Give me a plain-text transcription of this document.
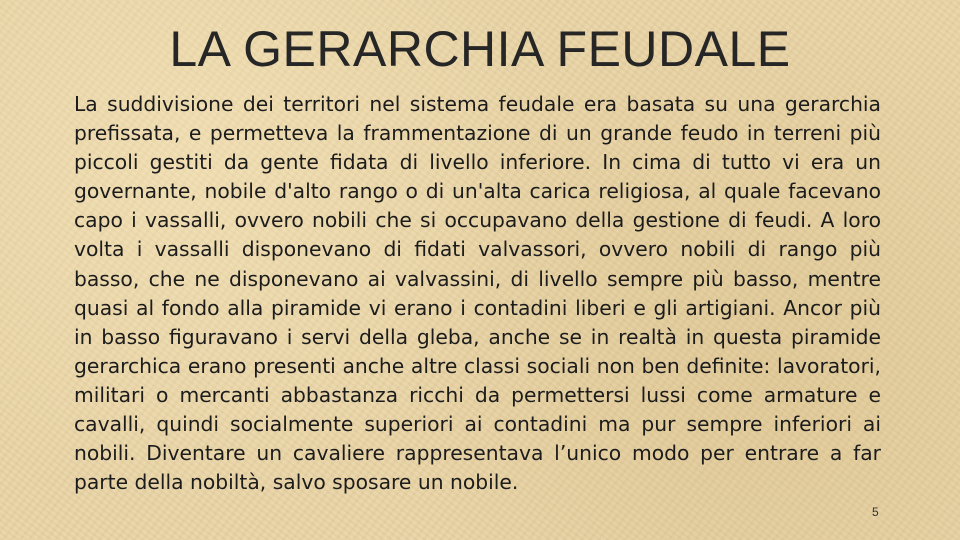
LA GERARCHIA FEUDALE

La suddivisione dei territori nel sistema feudale era basata su una gerarchia prefissata, e permetteva la frammentazione di un grande feudo in terreni più piccoli gestiti da gente fidata di livello inferiore. In cima di tutto vi era un governante, nobile d'alto rango o di un'alta carica religiosa, al quale facevano capo i vassalli, ovvero nobili che si occupavano della gestione di feudi. A loro volta i vassalli disponevano di fidati valvassori, ovvero nobili di rango più basso, che ne disponevano ai valvassini, di livello sempre più basso, mentre quasi al fondo alla piramide vi erano i contadini liberi e gli artigiani. Ancor più in basso figuravano i servi della gleba, anche se in realtà in questa piramide gerarchica erano presenti anche altre classi sociali non ben definite: lavoratori, militari o mercanti abbastanza ricchi da permettersi lussi come armature e cavalli, quindi socialmente superiori ai contadini ma pur sempre inferiori ai nobili. Diventare un cavaliere rappresentava l’unico modo per entrare a far parte della nobiltà, salvo sposare un nobile.

5
